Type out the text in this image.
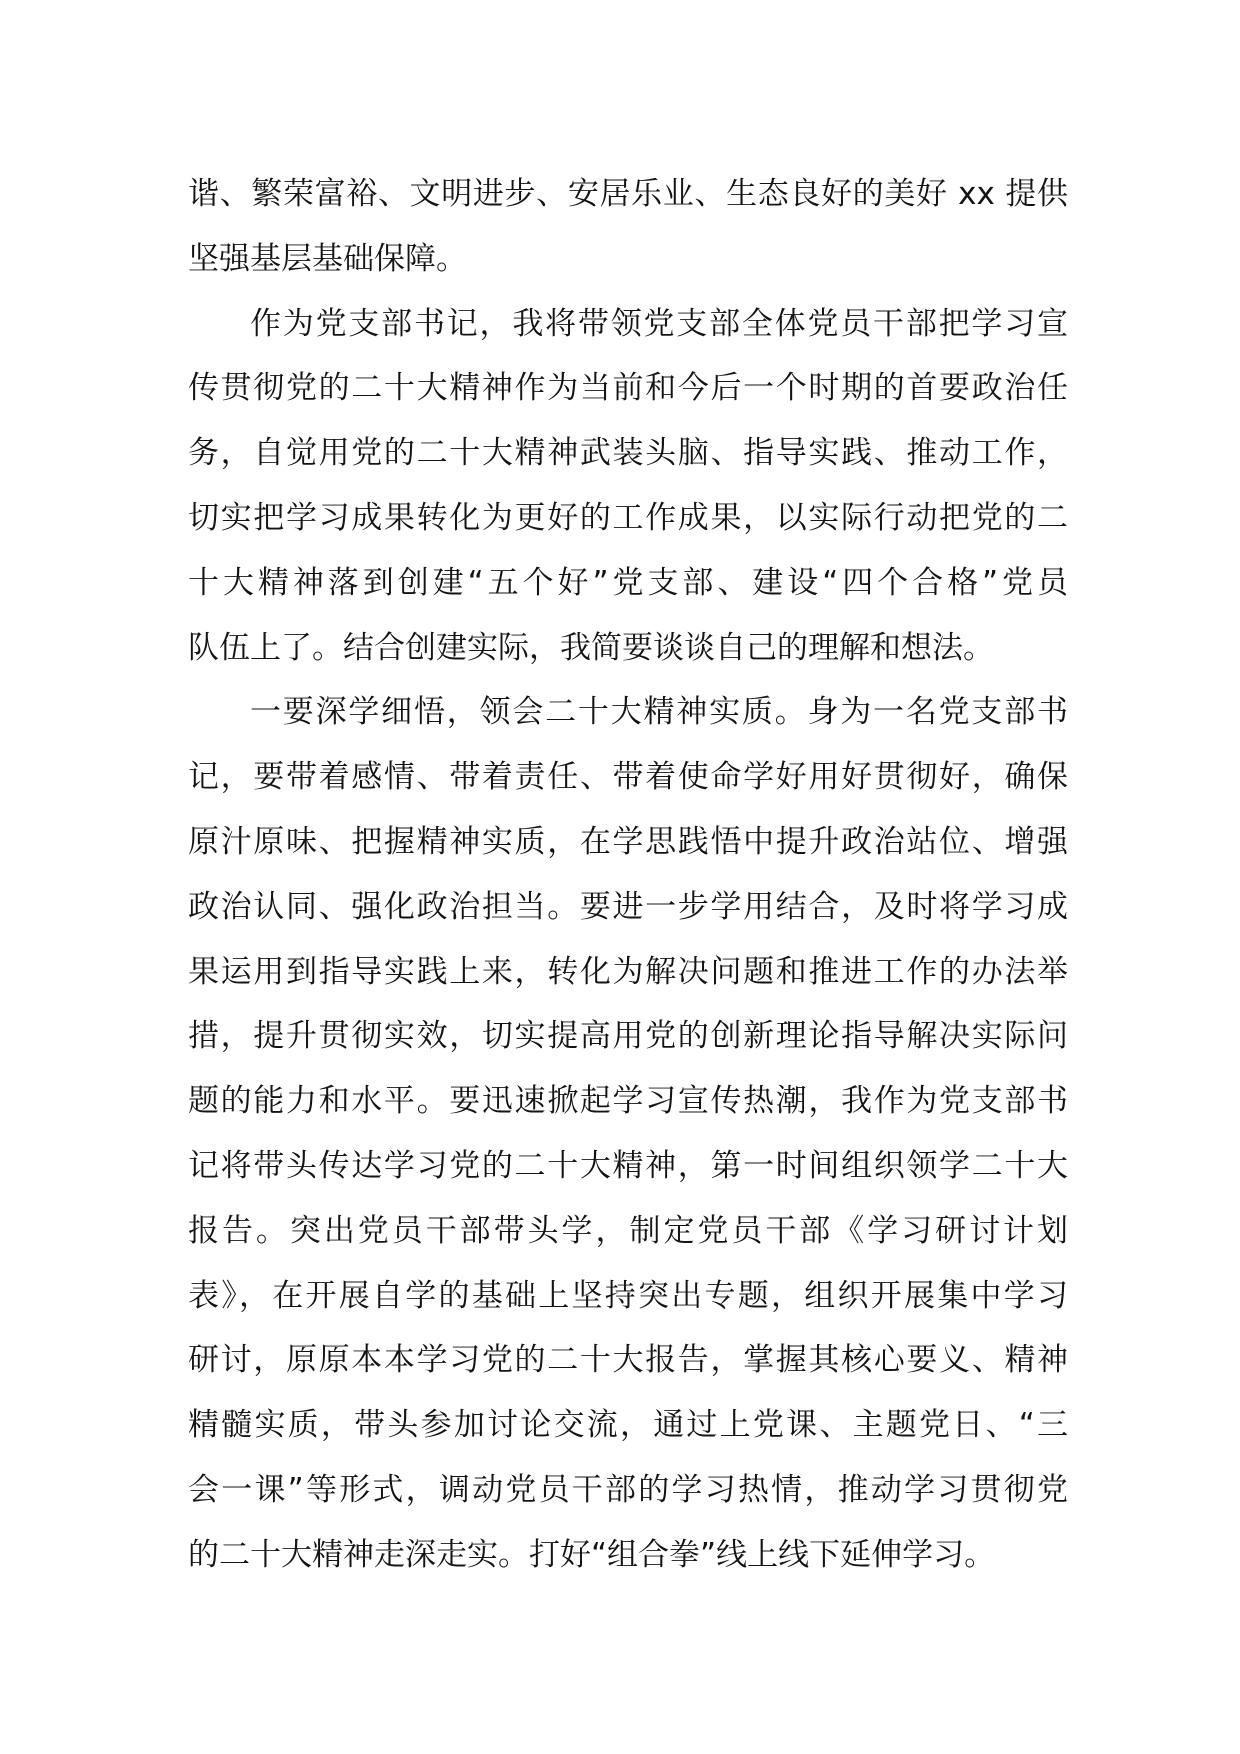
谐、繁荣富裕、文明进步、安居乐业、生态良好的美好 xx 提供
坚强基层基础保障。
作为党支部书记，我将带领党支部全体党员干部把学习宣
传贯彻党的二十大精神作为当前和今后一个时期的首要政治任
务，自觉用党的二十大精神武装头脑、指导实践、推动工作，
切实把学习成果转化为更好的工作成果，以实际行动把党的二
十大精神落到创建“五个好”党支部、建设“四个合格”党员
队伍上了。结合创建实际，我简要谈谈自己的理解和想法。
一要深学细悟，领会二十大精神实质。身为一名党支部书
记，要带着感情、带着责任、带着使命学好用好贯彻好，确保
原汁原味、把握精神实质，在学思践悟中提升政治站位、增强
政治认同、强化政治担当。要进一步学用结合，及时将学习成
果运用到指导实践上来，转化为解决问题和推进工作的办法举
措，提升贯彻实效，切实提高用党的创新理论指导解决实际问
题的能力和水平。要迅速掀起学习宣传热潮，我作为党支部书
记将带头传达学习党的二十大精神，第一时间组织领学二十大
报告。突出党员干部带头学，制定党员干部《学习研讨计划
表》，在开展自学的基础上坚持突出专题，组织开展集中学习
研讨，原原本本学习党的二十大报告，掌握其核心要义、精神
精髓实质，带头参加讨论交流，通过上党课、主题党日、“三
会一课”等形式，调动党员干部的学习热情，推动学习贯彻党
的二十大精神走深走实。打好“组合拳”线上线下延伸学习。
